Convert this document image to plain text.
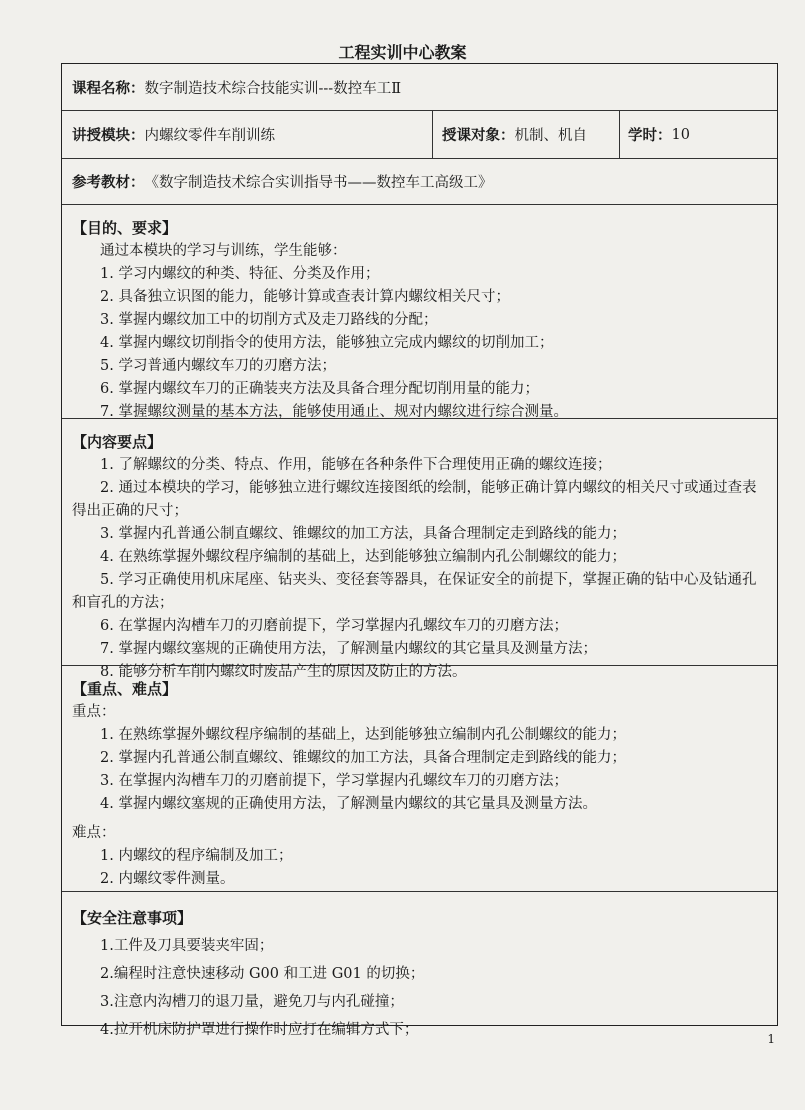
工程实训中心教案
课程名称： 数字制造技术综合技能实训---数控车工Ⅱ
讲授模块： 内螺纹零件车削训练	授课对象： 机制、机自	学时： 10
参考教材： 《数字制造技术综合实训指导书——数控车工高级工》
【目的、要求】

通过本模块的学习与训练，学生能够：

1. 学习内螺纹的种类、特征、分类及作用；

2. 具备独立识图的能力，能够计算或查表计算内螺纹相关尺寸；

3. 掌握内螺纹加工中的切削方式及走刀路线的分配；

4. 掌握内螺纹切削指令的使用方法，能够独立完成内螺纹的切削加工；

5. 学习普通内螺纹车刀的刃磨方法；

6. 掌握内螺纹车刀的正确装夹方法及具备合理分配切削用量的能力；

7. 掌握螺纹测量的基本方法，能够使用通止、规对内螺纹进行综合测量。

【内容要点】

1. 了解螺纹的分类、特点、作用，能够在各种条件下合理使用正确的螺纹连接；

2. 通过本模块的学习，能够独立进行螺纹连接图纸的绘制，能够正确计算内螺纹的相关尺寸或通过查表得出正确的尺寸；

3. 掌握内孔普通公制直螺纹、锥螺纹的加工方法，具备合理制定走到路线的能力；

4. 在熟练掌握外螺纹程序编制的基础上，达到能够独立编制内孔公制螺纹的能力；

5. 学习正确使用机床尾座、钻夹头、变径套等器具，在保证安全的前提下，掌握正确的钻中心及钻通孔和盲孔的方法；

6. 在掌握内沟槽车刀的刃磨前提下，学习掌握内孔螺纹车刀的刃磨方法；

7. 掌握内螺纹塞规的正确使用方法，了解测量内螺纹的其它量具及测量方法；

8. 能够分析车削内螺纹时废品产生的原因及防止的方法。

【重点、难点】

重点：

1. 在熟练掌握外螺纹程序编制的基础上，达到能够独立编制内孔公制螺纹的能力；

2. 掌握内孔普通公制直螺纹、锥螺纹的加工方法，具备合理制定走到路线的能力；

3. 在掌握内沟槽车刀的刃磨前提下，学习掌握内孔螺纹车刀的刃磨方法；

4. 掌握内螺纹塞规的正确使用方法，了解测量内螺纹的其它量具及测量方法。

难点：

1. 内螺纹的程序编制及加工；

2. 内螺纹零件测量。

【安全注意事项】

1.工件及刀具要装夹牢固；

2.编程时注意快速移动 G00 和工进 G01 的切换；

3.注意内沟槽刀的退刀量，避免刀与内孔碰撞；

4.拉开机床防护罩进行操作时应打在编辑方式下；

1
